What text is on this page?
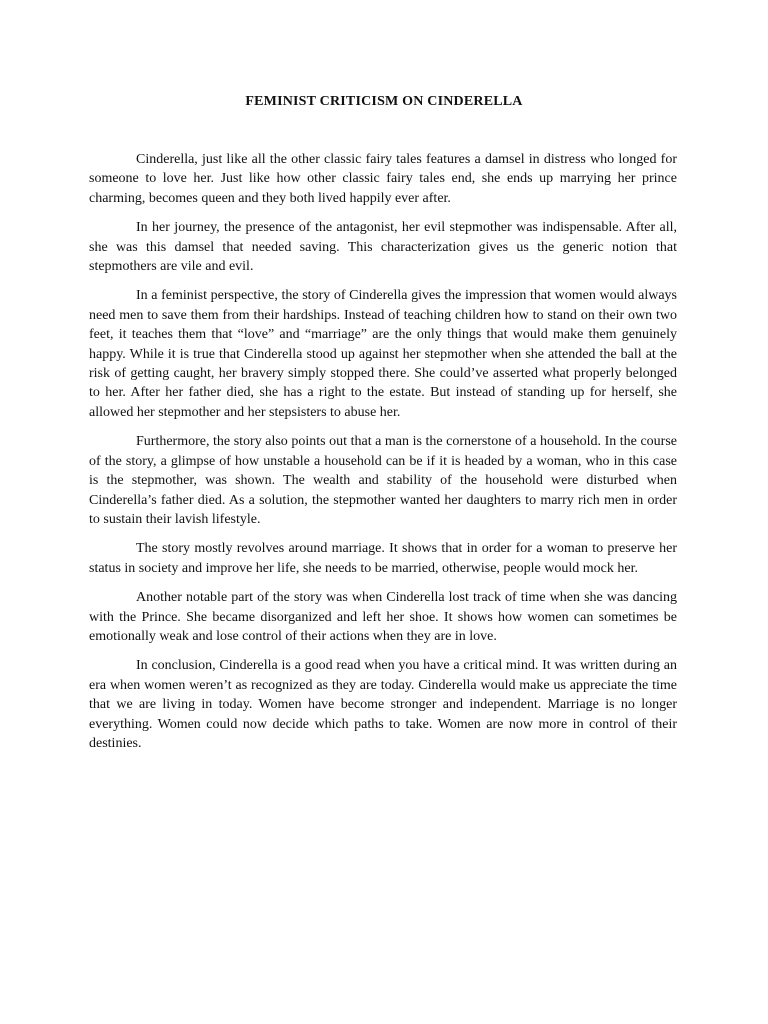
FEMINIST CRITICISM ON CINDERELLA

Cinderella, just like all the other classic fairy tales features a damsel in distress who longed for someone to love her. Just like how other classic fairy tales end, she ends up marrying her prince charming, becomes queen and they both lived happily ever after.

In her journey, the presence of the antagonist, her evil stepmother was indispensable. After all, she was this damsel that needed saving. This characterization gives us the generic notion that stepmothers are vile and evil.

In a feminist perspective, the story of Cinderella gives the impression that women would always need men to save them from their hardships. Instead of teaching children how to stand on their own two feet, it teaches them that “love” and “marriage” are the only things that would make them genuinely happy. While it is true that Cinderella stood up against her stepmother when she attended the ball at the risk of getting caught, her bravery simply stopped there. She could’ve asserted what properly belonged to her. After her father died, she has a right to the estate. But instead of standing up for herself, she allowed her stepmother and her stepsisters to abuse her.

Furthermore, the story also points out that a man is the cornerstone of a household. In the course of the story, a glimpse of how unstable a household can be if it is headed by a woman, who in this case is the stepmother, was shown. The wealth and stability of the household were disturbed when Cinderella’s father died. As a solution, the stepmother wanted her daughters to marry rich men in order to sustain their lavish lifestyle.

The story mostly revolves around marriage. It shows that in order for a woman to preserve her status in society and improve her life, she needs to be married, otherwise, people would mock her.

Another notable part of the story was when Cinderella lost track of time when she was dancing with the Prince. She became disorganized and left her shoe. It shows how women can sometimes be emotionally weak and lose control of their actions when they are in love.

In conclusion, Cinderella is a good read when you have a critical mind. It was written during an era when women weren’t as recognized as they are today. Cinderella would make us appreciate the time that we are living in today. Women have become stronger and independent. Marriage is no longer everything. Women could now decide which paths to take. Women are now more in control of their destinies.
